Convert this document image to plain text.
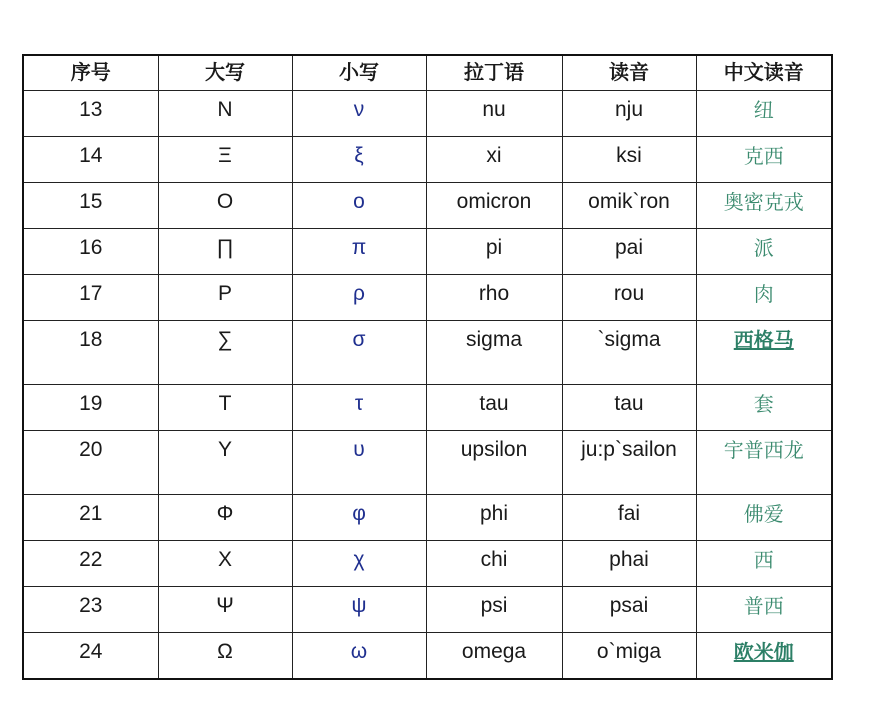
序号	大写	小写	拉丁语	读音	中文读音
13	Ν	ν	nu	nju	纽
14	Ξ	ξ	xi	ksi	克西
15	Ο	ο	omicron	omik`ron	奥密克戎
16	∏	π	pi	pai	派
17	Ρ	ρ	rho	rou	肉
18	∑	σ	sigma	`sigma	西格马
19	Τ	τ	tau	tau	套
20	Υ	υ	upsilon	ju:p`sailon	宇普西龙
21	Φ	φ	phi	fai	佛爱
22	Χ	χ	chi	phai	西
23	Ψ	ψ	psi	psai	普西
24	Ω	ω	omega	o`miga	欧米伽
